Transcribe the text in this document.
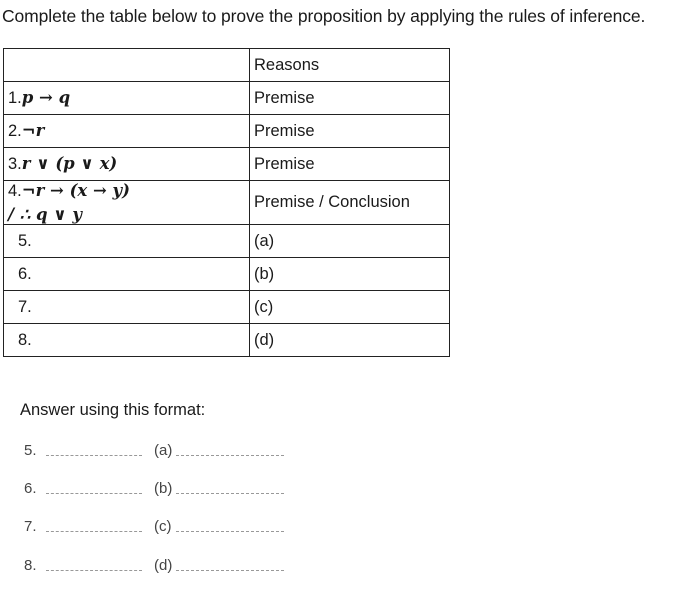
Complete the table below to prove the proposition by applying the rules of inference.
	Reasons
1.p → q	Premise
2.¬r	Premise
3.r ∨ (p ∨ x)	Premise
4.¬r → (x → y)
/ ∴ q ∨ y	Premise / Conclusion
5.	(a)
6.	(b)
7.	(c)
8.	(d)
Answer using this format:
5.	(a)
6.	(b)
7.	(c)
8.	(d)
